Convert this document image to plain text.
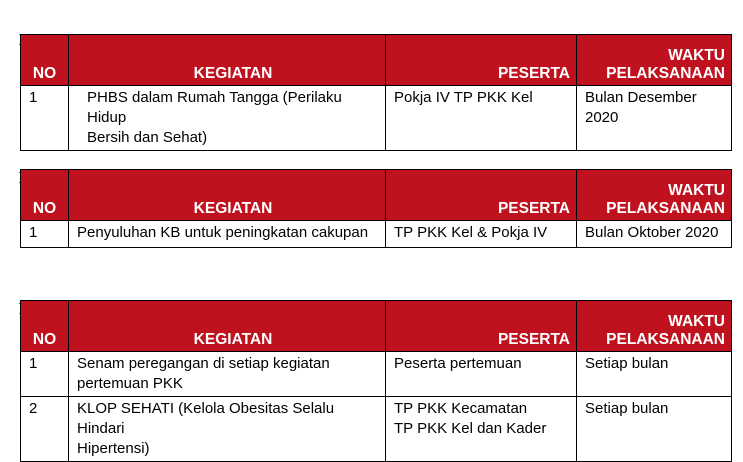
NO	KEGIATAN	PESERTA	WAKTU
PELAKSANAAN
1	PHBS dalam Rumah Tangga (Perilaku Hidup
Bersih dan Sehat)	Pokja IV TP PKK Kel	Bulan Desember
2020

NO	KEGIATAN	PESERTA	WAKTU
PELAKSANAAN
1	Penyuluhan KB untuk peningkatan cakupan	TP PKK Kel & Pokja IV	Bulan Oktober 2020

NO	KEGIATAN	PESERTA	WAKTU
PELAKSANAAN
1	Senam peregangan di setiap kegiatan
pertemuan PKK	Peserta pertemuan	Setiap bulan
2	KLOP SEHATI (Kelola Obesitas Selalu Hindari
Hipertensi)	TP PKK Kecamatan
TP PKK Kel dan Kader	Setiap bulan
